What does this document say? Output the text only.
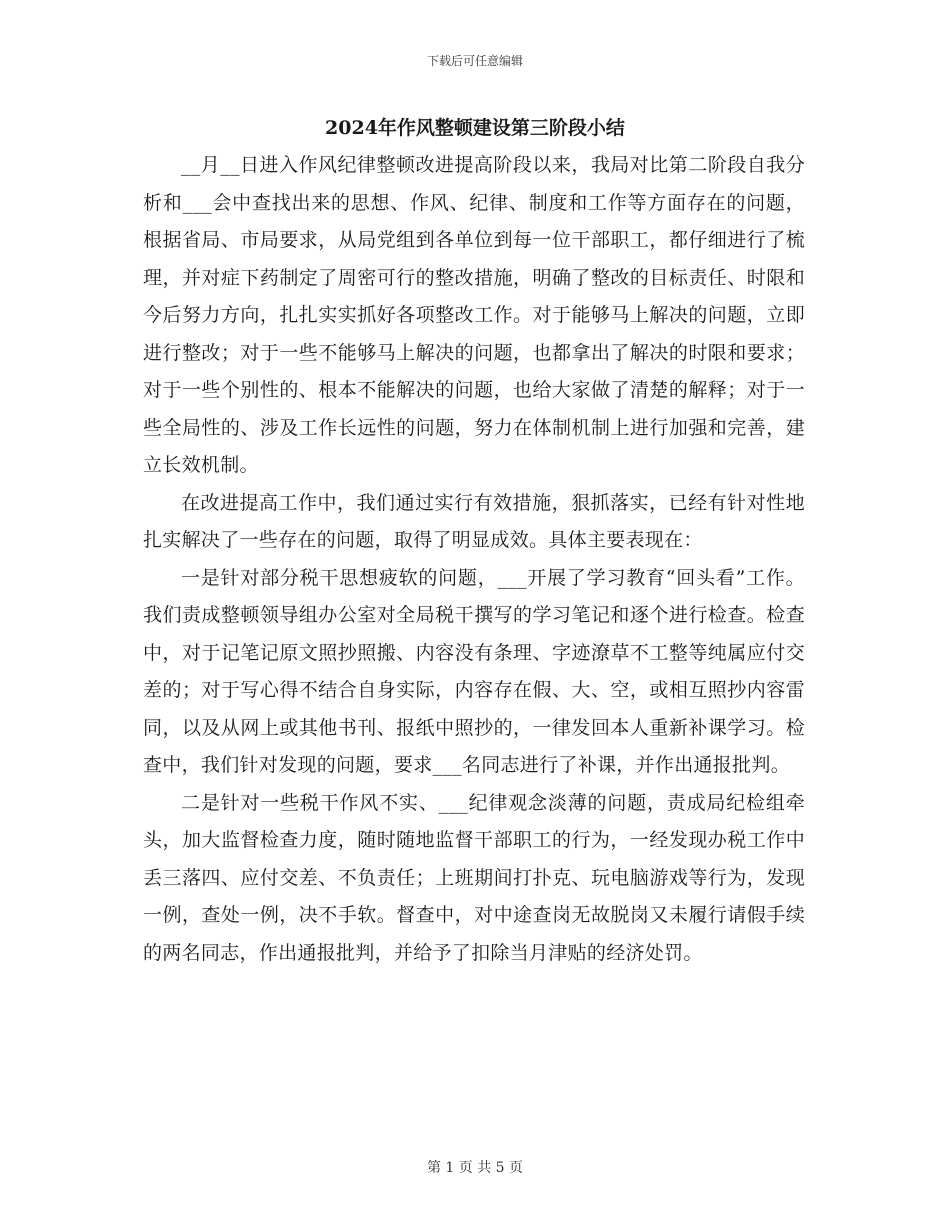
下载后可任意编辑
2024年作风整顿建设第三阶段小结

__月__日进入作风纪律整顿改进提高阶段以来，我局对比第二阶段自我分析和___会中查找出来的思想、作风、纪律、制度和工作等方面存在的问题，根据省局、市局要求，从局党组到各单位到每一位干部职工，都仔细进行了梳理，并对症下药制定了周密可行的整改措施，明确了整改的目标责任、时限和今后努力方向，扎扎实实抓好各项整改工作。对于能够马上解决的问题，立即进行整改；对于一些不能够马上解决的问题，也都拿出了解决的时限和要求；对于一些个别性的、根本不能解决的问题，也给大家做了清楚的解释；对于一些全局性的、涉及工作长远性的问题，努力在体制机制上进行加强和完善，建立长效机制。

在改进提高工作中，我们通过实行有效措施，狠抓落实，已经有针对性地扎实解决了一些存在的问题，取得了明显成效。具体主要表现在：

一是针对部分税干思想疲软的问题，___开展了学习教育“回头看”工作。我们责成整顿领导组办公室对全局税干撰写的学习笔记和逐个进行检查。检查中，对于记笔记原文照抄照搬、内容没有条理、字迹潦草不工整等纯属应付交差的；对于写心得不结合自身实际，内容存在假、大、空，或相互照抄内容雷同，以及从网上或其他书刊、报纸中照抄的，一律发回本人重新补课学习。检查中，我们针对发现的问题，要求___名同志进行了补课，并作出通报批判。

二是针对一些税干作风不实、___纪律观念淡薄的问题，责成局纪检组牵头，加大监督检查力度，随时随地监督干部职工的行为，一经发现办税工作中丢三落四、应付交差、不负责任；上班期间打扑克、玩电脑游戏等行为，发现一例，查处一例，决不手软。督查中，对中途查岗无故脱岗又未履行请假手续的两名同志，作出通报批判，并给予了扣除当月津贴的经济处罚。

第 1 页 共 5 页
